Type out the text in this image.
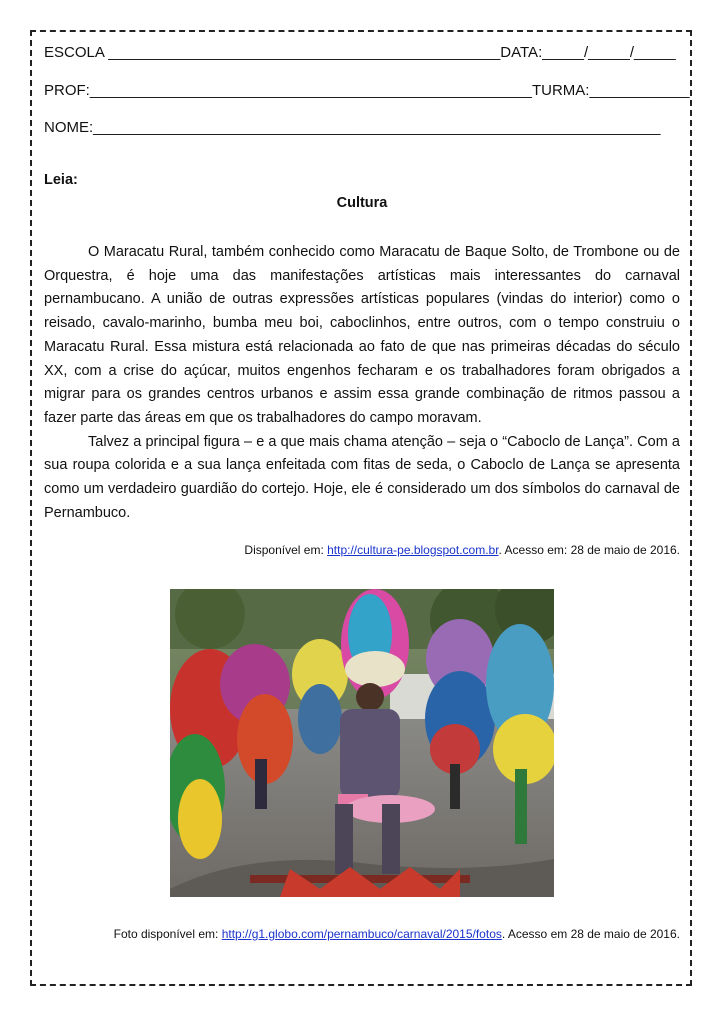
ESCOLA _______________________________________________DATA:_____/_____/_____
PROF:_____________________________________________________TURMA:____________
NOME:____________________________________________________________________
Leia:
Cultura

O Maracatu Rural, também conhecido como Maracatu de Baque Solto, de Trombone ou de Orquestra, é hoje uma das manifestações artísticas mais interessantes do carnaval pernambucano. A união de outras expressões artísticas populares (vindas do interior) como o reisado, cavalo-marinho, bumba meu boi, caboclinhos, entre outros, com o tempo construiu o Maracatu Rural. Essa mistura está relacionada ao fato de que nas primeiras décadas do século XX, com a crise do açúcar, muitos engenhos fecharam e os trabalhadores foram obrigados a migrar para os grandes centros urbanos e assim essa grande combinação de ritmos passou a fazer parte das áreas em que os trabalhadores do campo moravam.

Talvez a principal figura – e a que mais chama atenção – seja o “Caboclo de Lança”. Com a sua roupa colorida e a sua lança enfeitada com fitas de seda, o Caboclo de Lança se apresenta como um verdadeiro guardião do cortejo. Hoje, ele é considerado um dos símbolos do carnaval de Pernambuco.

Disponível em: http://cultura-pe.blogspot.com.br. Acesso em: 28 de maio de 2016.
Foto disponível em: http://g1.globo.com/pernambuco/carnaval/2015/fotos. Acesso em 28 de maio de 2016.
